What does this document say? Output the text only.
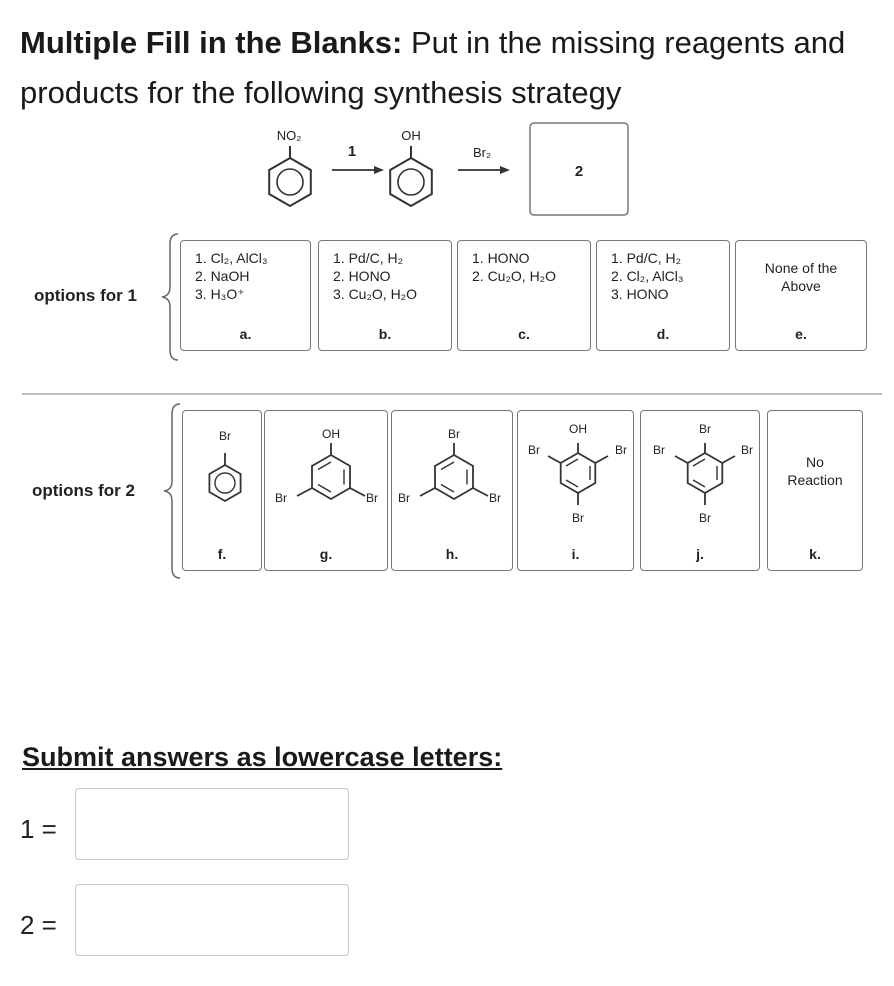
Multiple Fill in the Blanks: Put in the missing reagents and products for the following synthesis strategy
NO₂
1
OH
Br₂
2
options for 1
1. Cl₂, AlCl₃
2. NaOH
3. H₃O⁺
a.
1. Pd/C, H₂
2. HONO
3. Cu₂O, H₂O
b.
1. HONO
2. Cu₂O, H₂O
c.
1. Pd/C, H₂
2. Cl₂, AlCl₃
3. HONO
d.
None of the
Above
e.
options for 2
Br
f.
OH
Br	Br
g.
Br
Br	Br
h.
OH
Br	Br
Br
i.
Br
Br	Br
Br
j.
No
Reaction
k.
Submit answers as lowercase letters:
1 =
2 =
